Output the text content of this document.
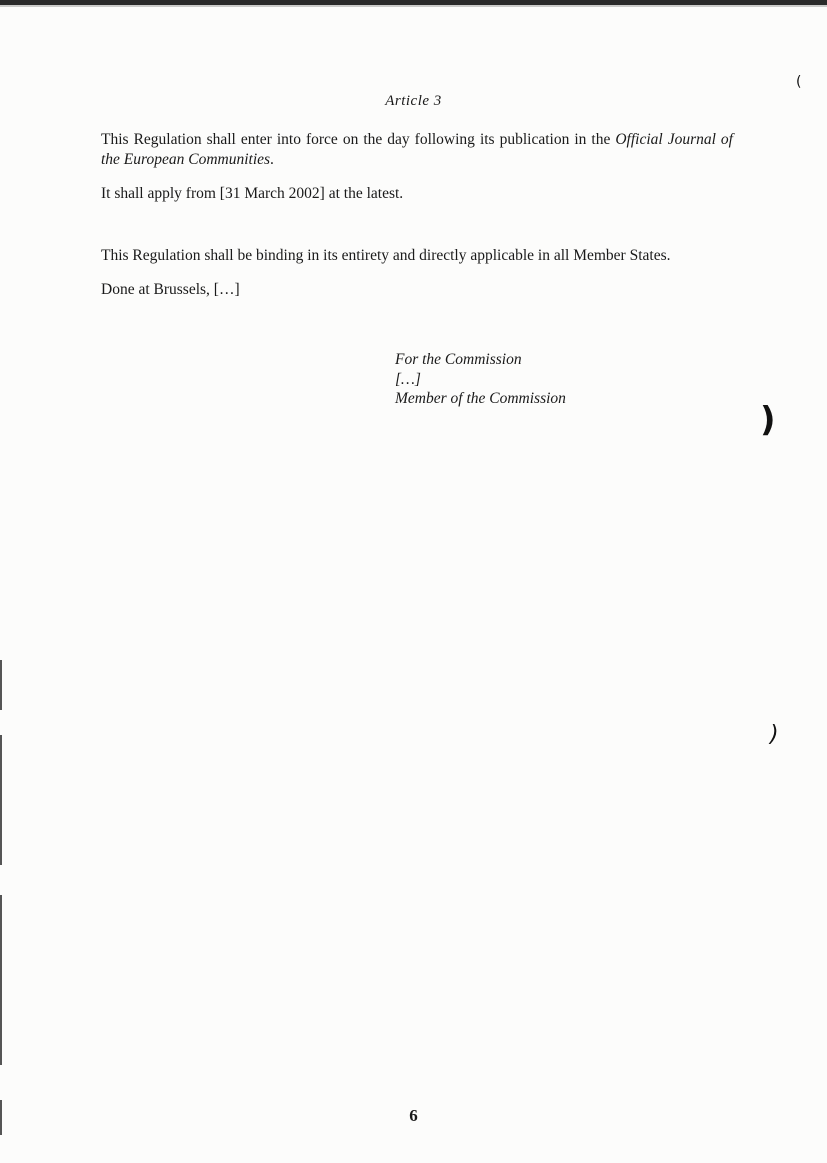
(
)
)
Article 3
This Regulation shall enter into force on the day following its publication in the Official Journal of the European Communities.
It shall apply from [31 March 2002] at the latest.
This Regulation shall be binding in its entirety and directly applicable in all Member States.
Done at Brussels, […]
For the Commission
[…]
Member of the Commission
6
